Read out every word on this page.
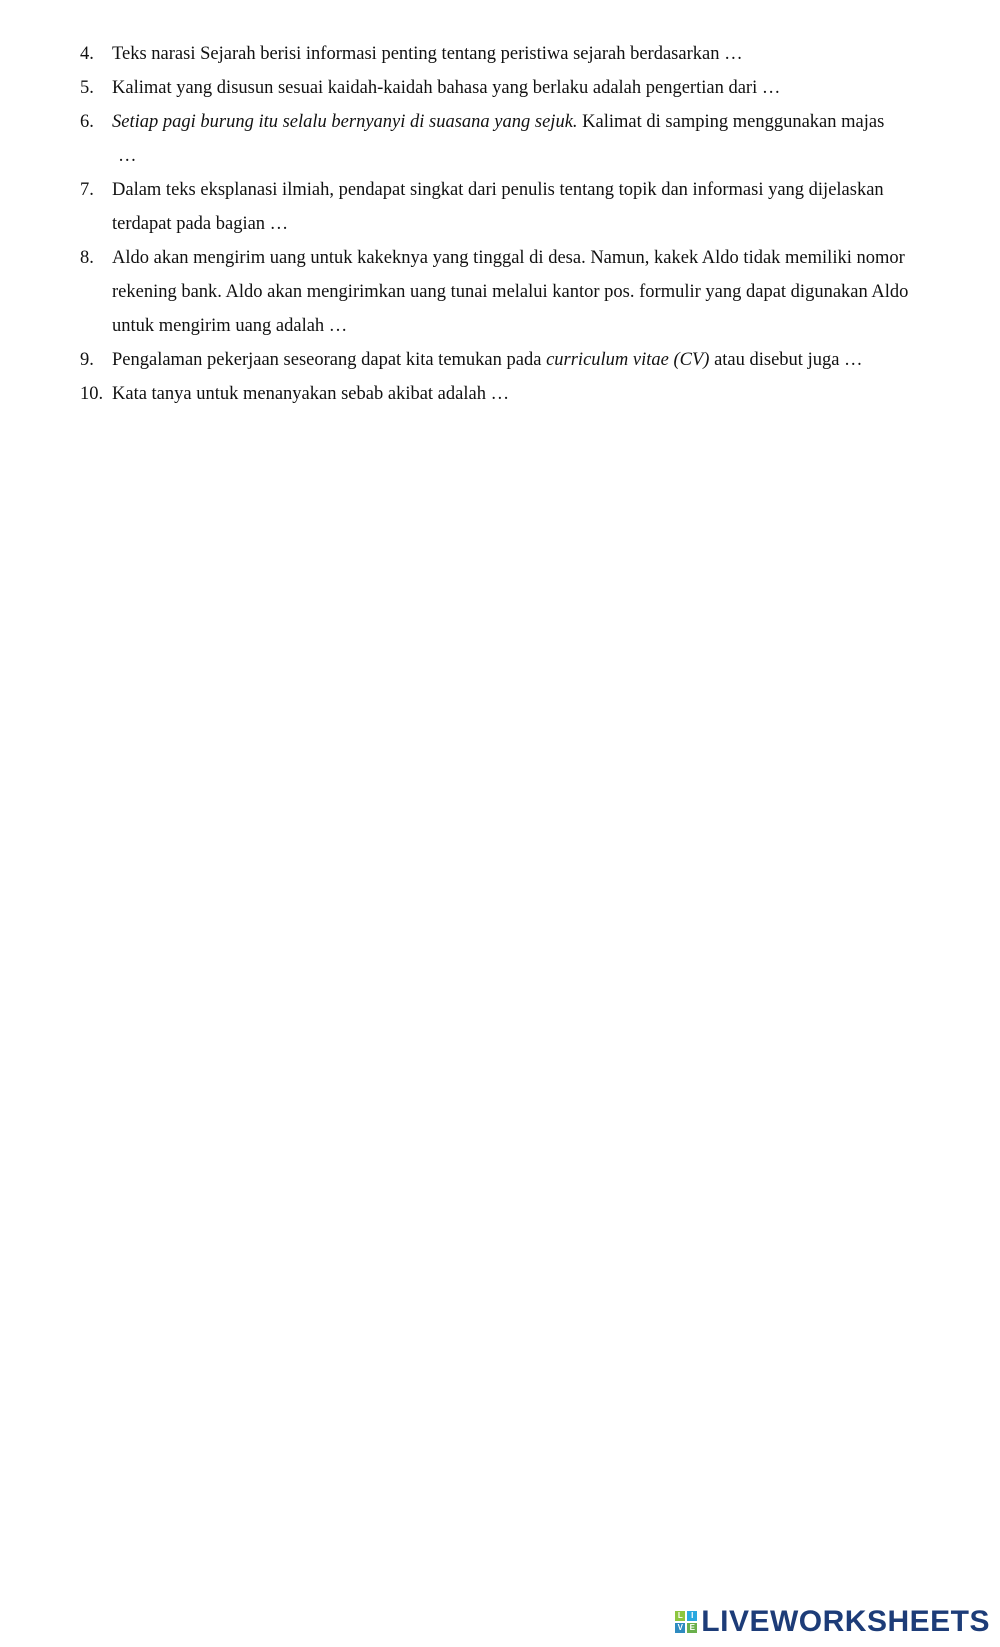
4. Teks narasi Sejarah berisi informasi penting tentang peristiwa sejarah berdasarkan …
5. Kalimat yang disusun sesuai kaidah-kaidah bahasa yang berlaku adalah pengertian dari …
6. Setiap pagi burung itu selalu bernyanyi di suasana yang sejuk. Kalimat di samping menggunakan majas
…
7. Dalam teks eksplanasi ilmiah, pendapat singkat dari penulis tentang topik dan informasi yang dijelaskan terdapat pada bagian …
8. Aldo akan mengirim uang untuk kakeknya yang tinggal di desa. Namun, kakek Aldo tidak memiliki nomor rekening bank. Aldo akan mengirimkan uang tunai melalui kantor pos. formulir yang dapat digunakan Aldo untuk mengirim uang adalah …
9. Pengalaman pekerjaan seseorang dapat kita temukan pada curriculum vitae (CV) atau disebut juga …
10. Kata tanya untuk menanyakan sebab akibat adalah …
L	I
V E LIVEWORKSHEETS
